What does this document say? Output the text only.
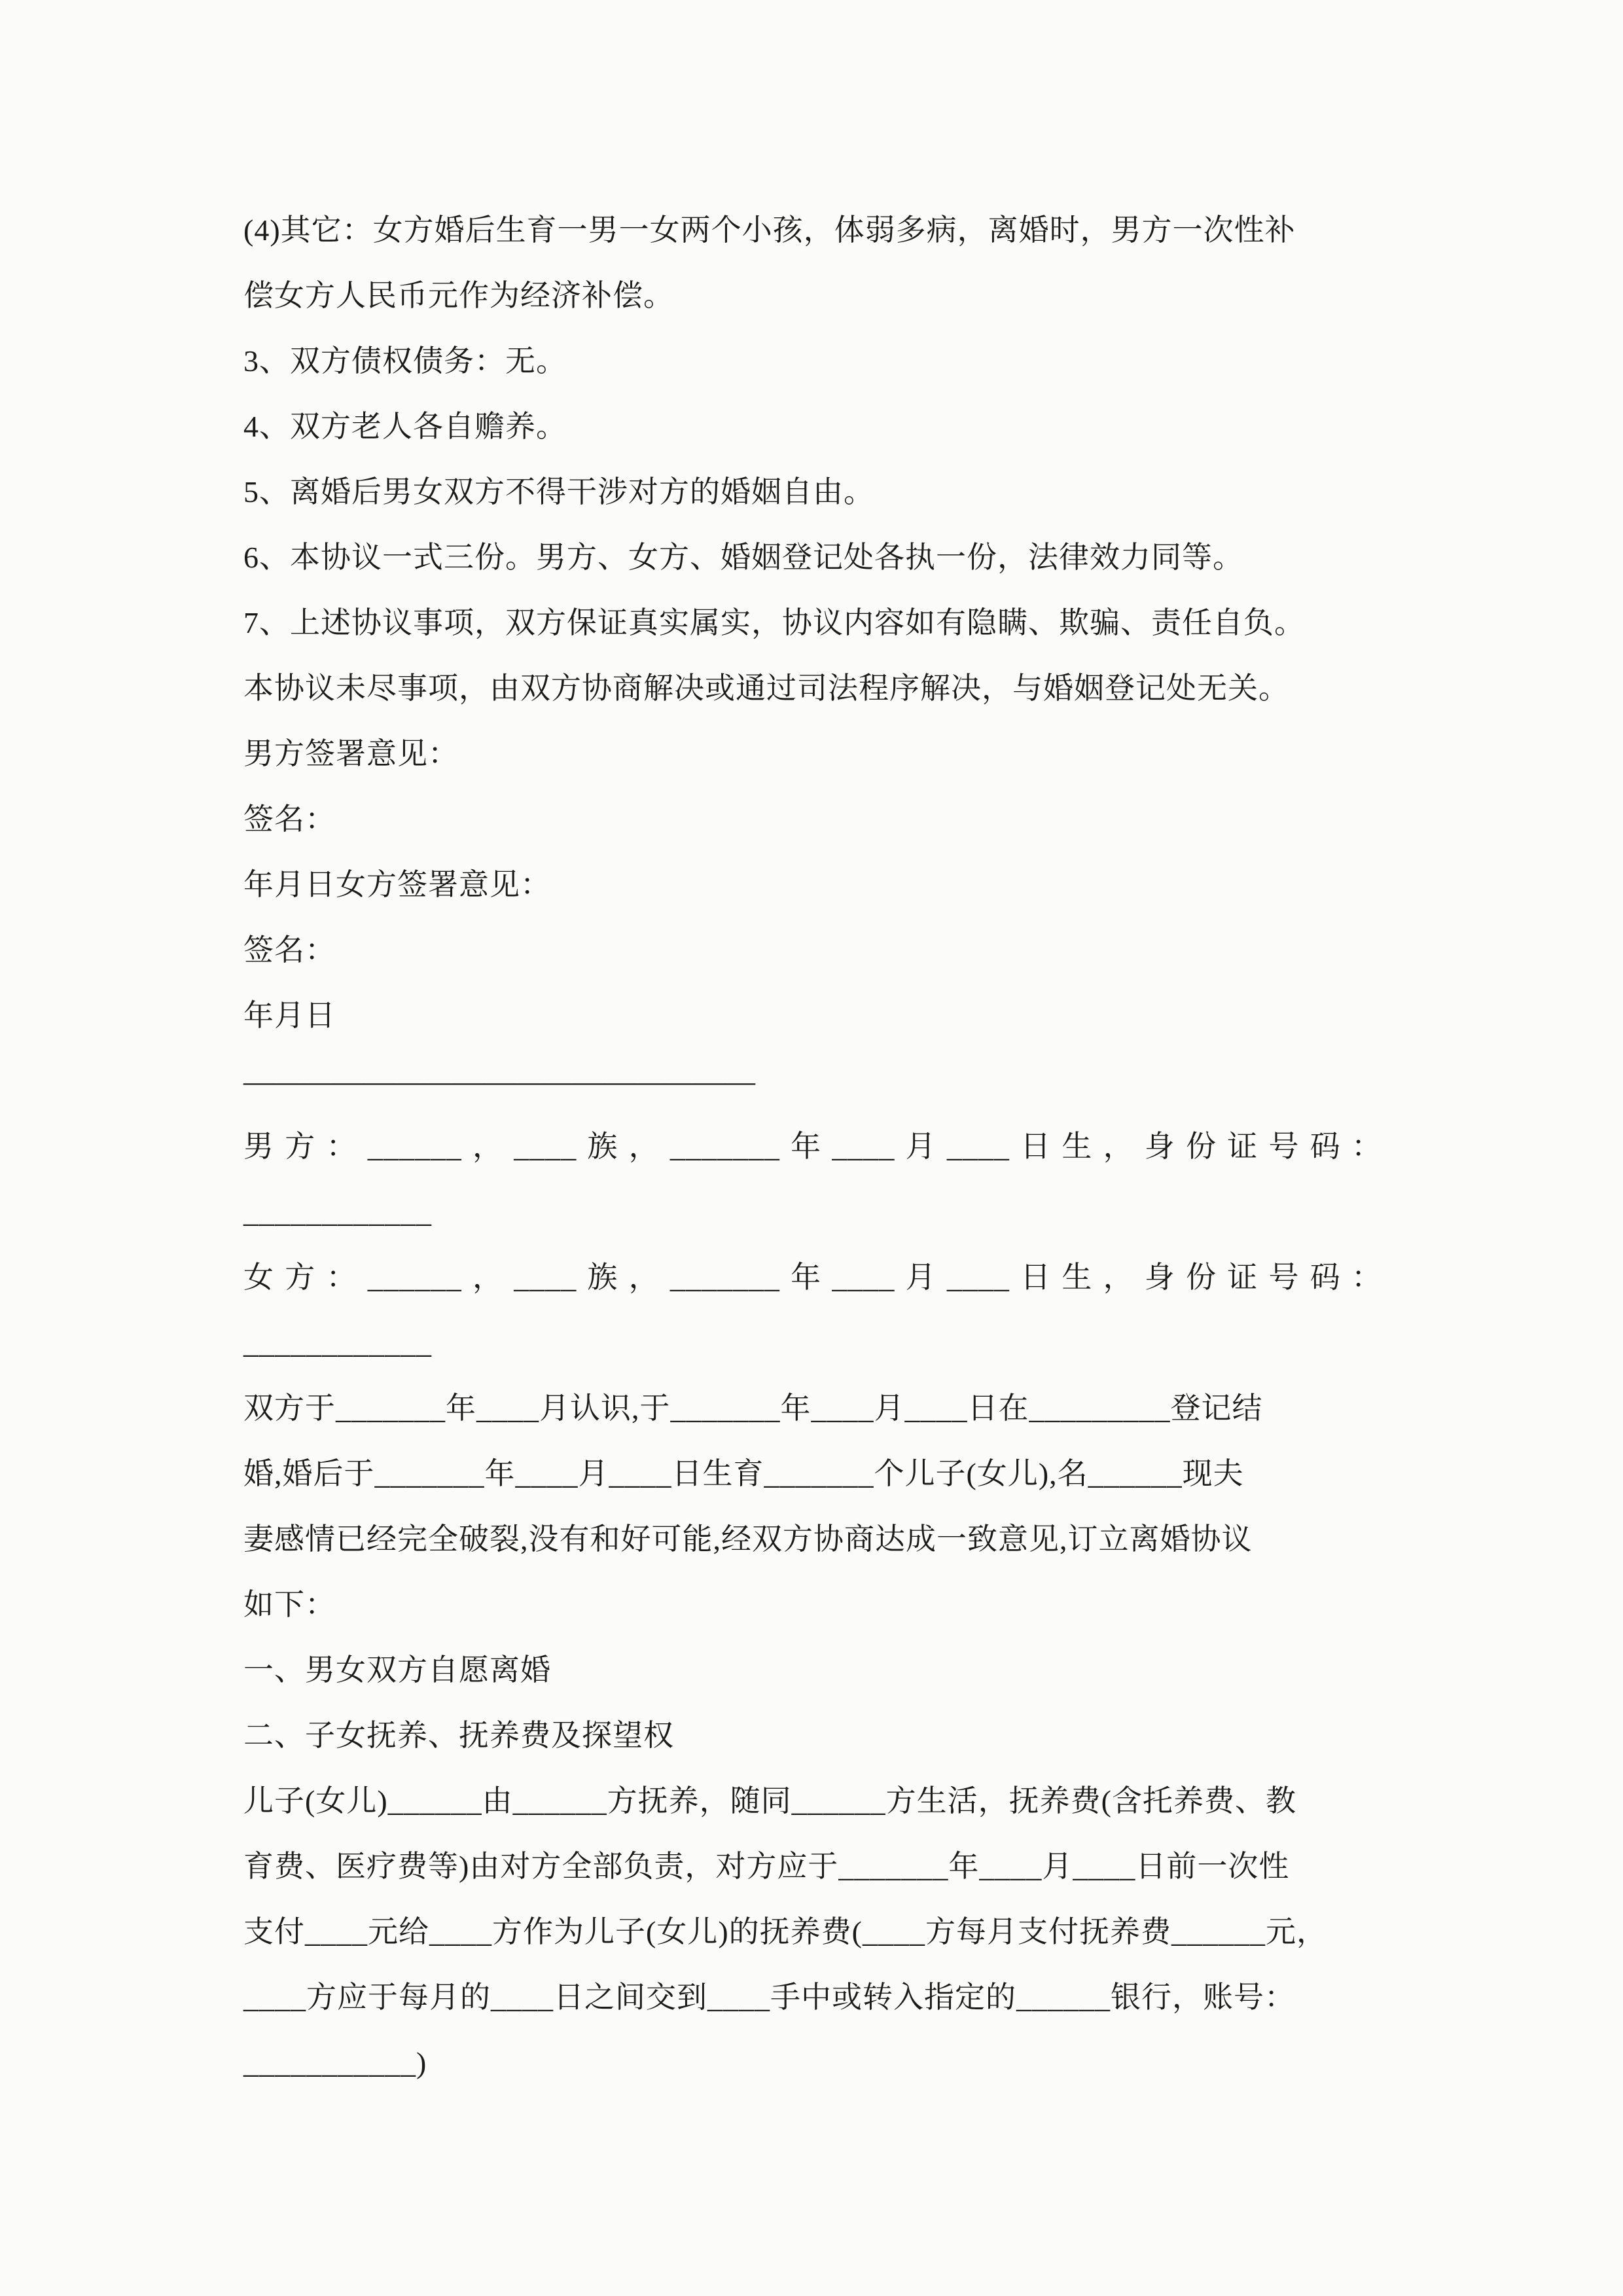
(4)其它：女方婚后生育一男一女两个小孩，体弱多病，离婚时，男方一次性补

偿女方人民币元作为经济补偿。

3、双方债权债务：无。

4、双方老人各自赡养。

5、离婚后男女双方不得干涉对方的婚姻自由。

6、本协议一式三份。男方、女方、婚姻登记处各执一份，法律效力同等。

7、上述协议事项，双方保证真实属实，协议内容如有隐瞒、欺骗、责任自负。

本协议未尽事项，由双方协商解决或通过司法程序解决，与婚姻登记处无关。

男方签署意见：

签名：

年月日女方签署意见：

签名：

年月日

—————————————————

男方：______，____族，_______年____月____日生，身份证号码：

____________

女方：______，____族，_______年____月____日生，身份证号码：

____________

双方于_______年____月认识,于_______年____月____日在_________登记结

婚,婚后于_______年____月____日生育_______个儿子(女儿),名______现夫

妻感情已经完全破裂,没有和好可能,经双方协商达成一致意见,订立离婚协议

如下：

一、男女双方自愿离婚

二、子女抚养、抚养费及探望权

儿子(女儿)______由______方抚养，随同______方生活，抚养费(含托养费、教

育费、医疗费等)由对方全部负责，对方应于_______年____月____日前一次性

支付____元给____方作为儿子(女儿)的抚养费(____方每月支付抚养费______元，

____方应于每月的____日之间交到____手中或转入指定的______银行，账号：

___________)
